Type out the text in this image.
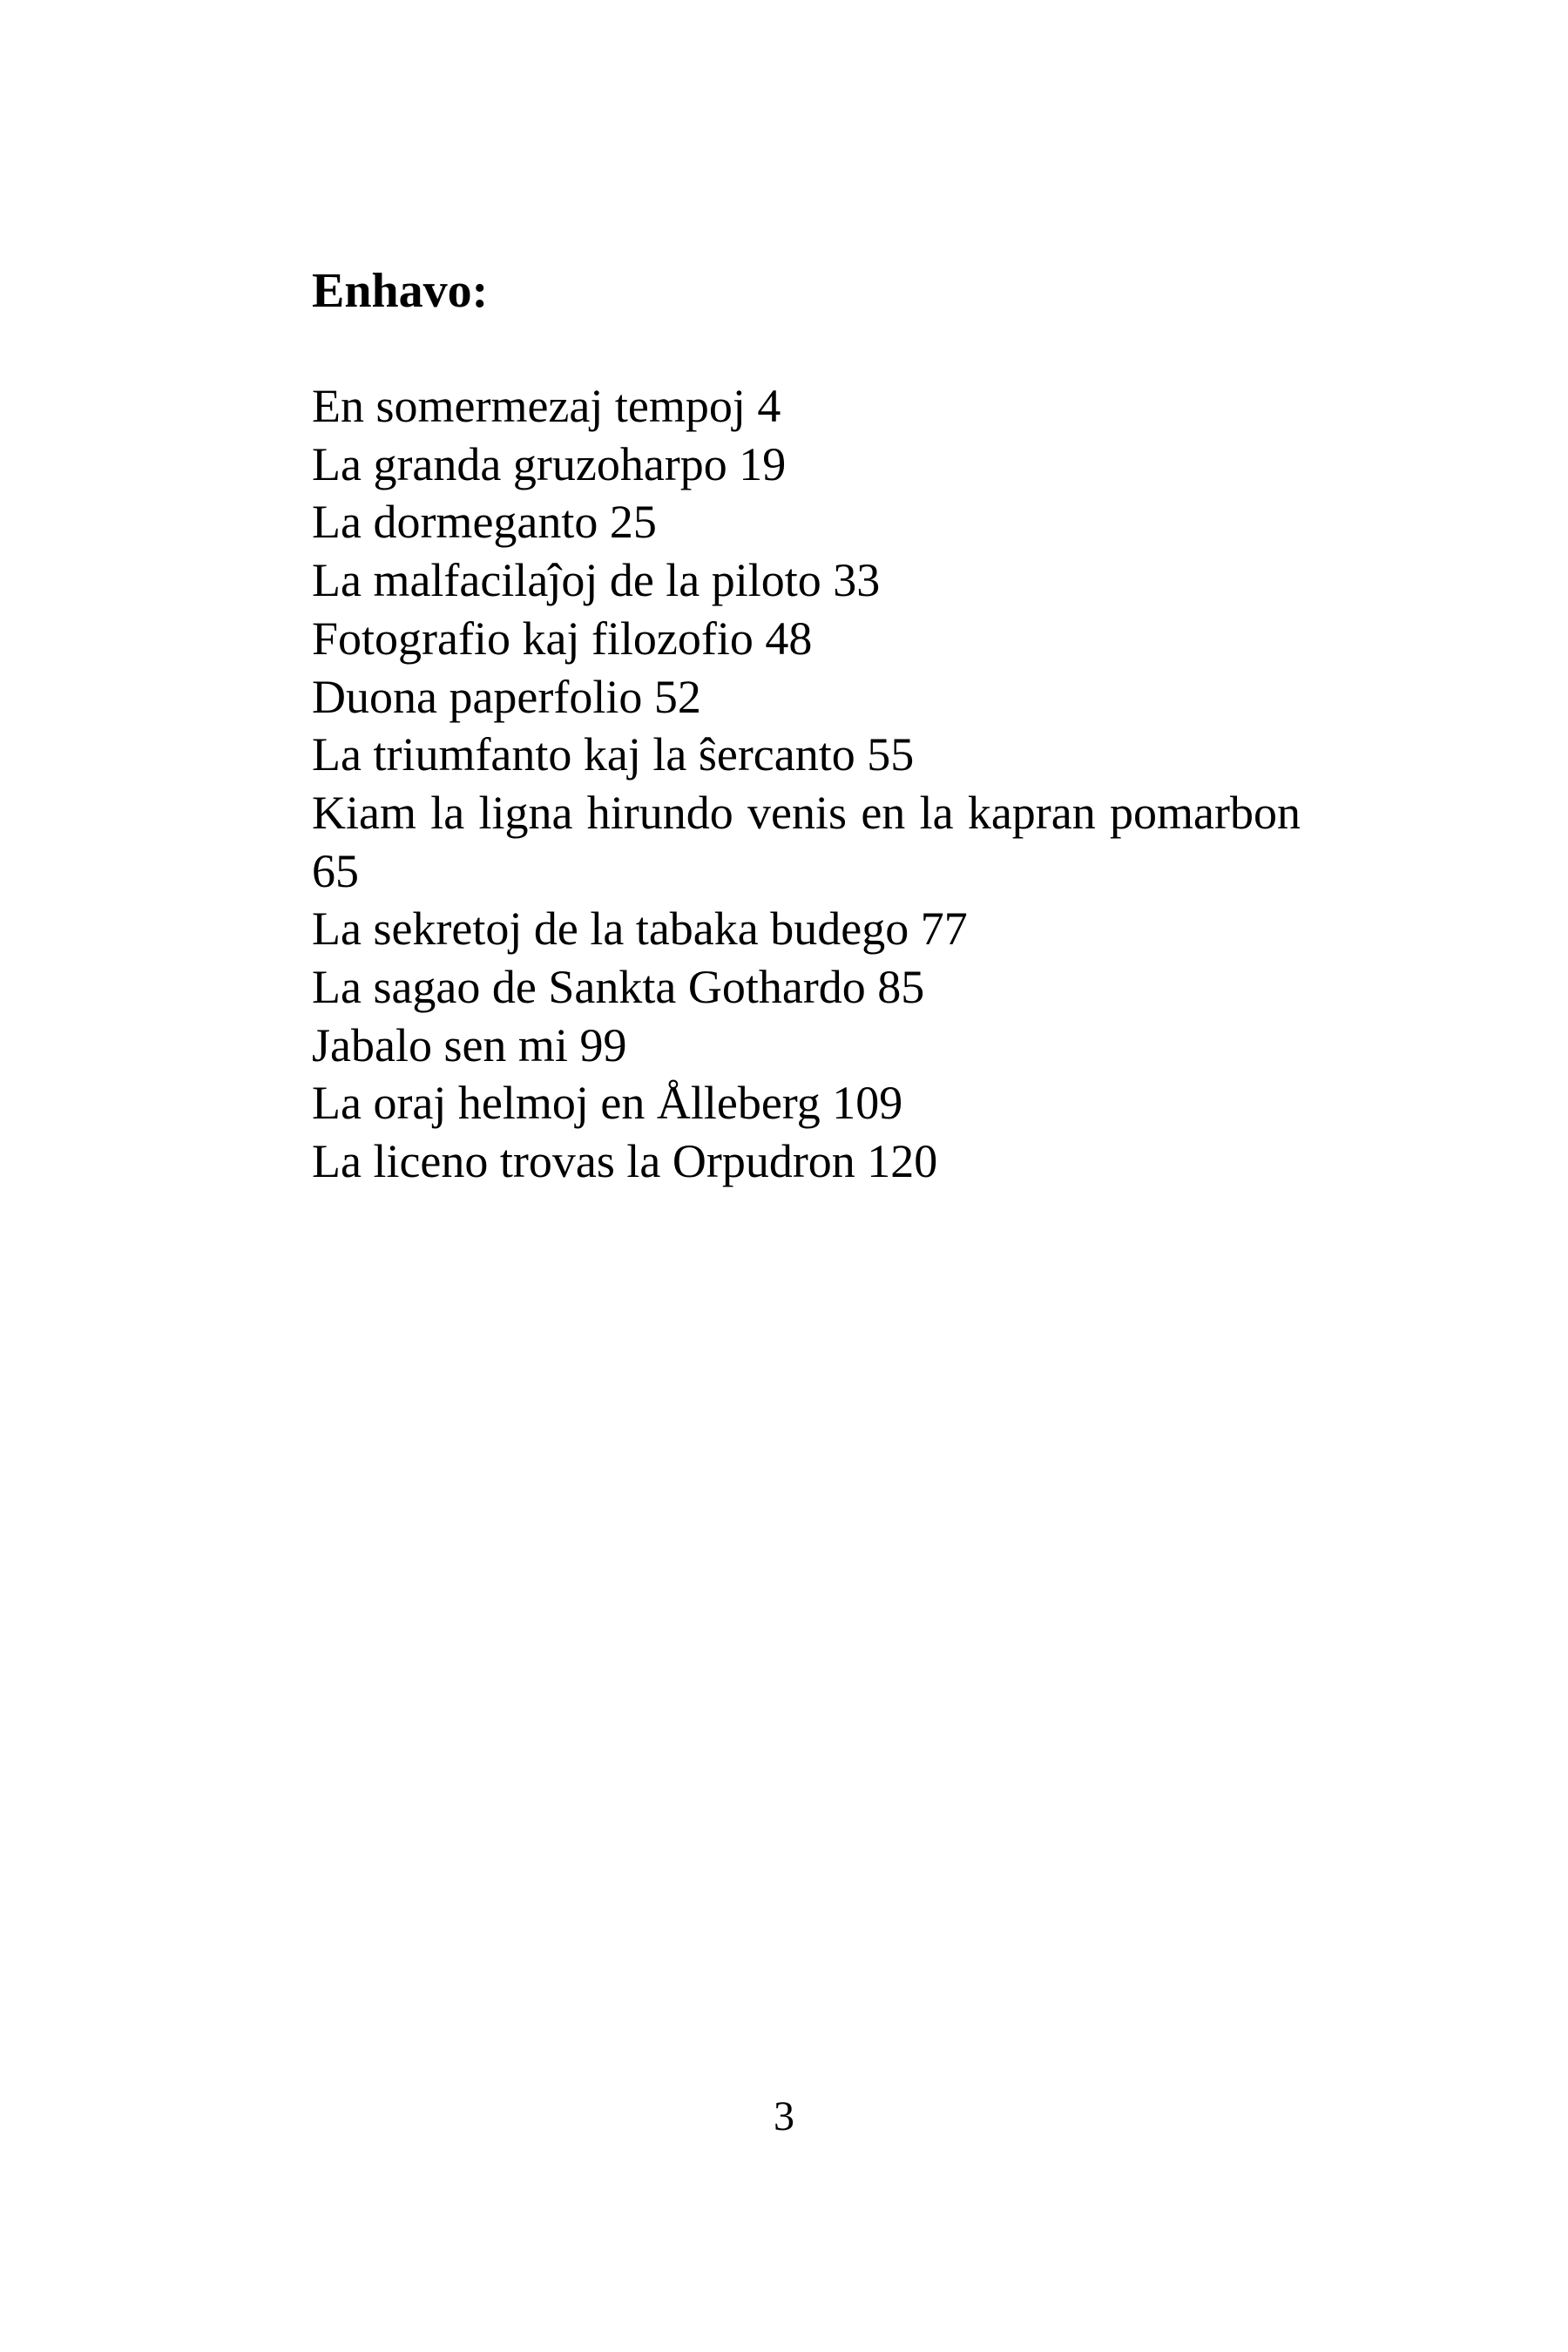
Enhavo:
En somermezaj tempoj 4
La granda gruzoharpo 19
La dormeganto 25
La malfacilaĵoj de la piloto 33
Fotografio kaj filozofio 48
Duona paperfolio 52
La triumfanto kaj la ŝercanto 55
Kiam la ligna hirundo venis en la kapran pomarbon 65
La sekretoj de la tabaka budego 77
La sagao de Sankta Gothardo 85
Jabalo sen mi 99
La oraj helmoj en Ålleberg 109
La liceno trovas la Orpudron 120
3
